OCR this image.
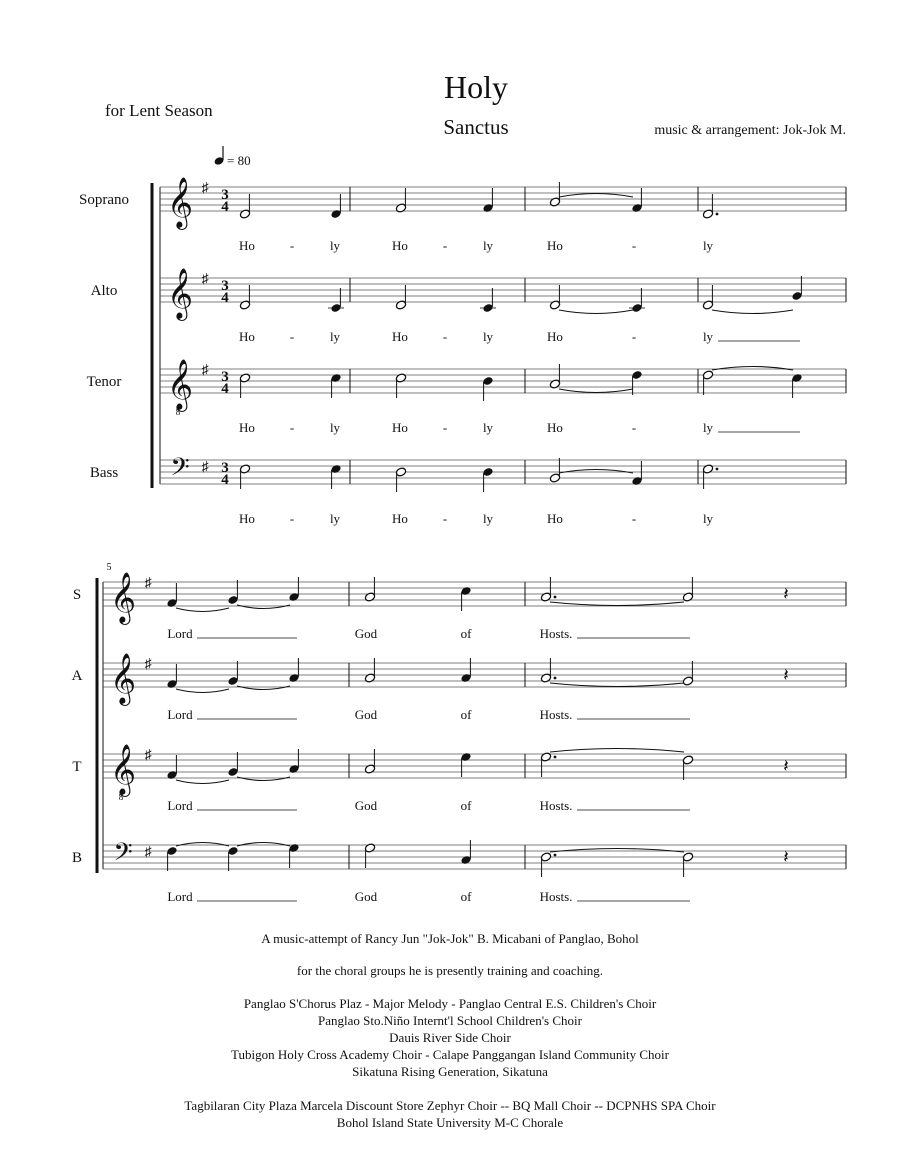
Holy
Sanctus
for Lent Season
music & arrangement: Jok-Jok M.
= 80
Soprano 𝄞 ♯ 3
4
Ho	-	ly	Ho	-	ly	Ho	-	ly
Alto 𝄞 ♯ 3
4
Ho	-	ly	Ho	-	ly	Ho	-	ly
Tenor 𝄞
8
♯ 3
4
Ho	-	ly	Ho	-	ly	Ho	-	ly
Bass 𝄢 ♯ 3
4
Ho	-	ly	Ho	-	ly	Ho	-	ly
5
S 𝄞 ♯
𝄽
Lord	God	of	Hosts.
A 𝄞 ♯
𝄽
Lord	God	of	Hosts.
T 𝄞
8
♯
𝄽
Lord	God	of	Hosts.
B 𝄢 ♯	𝄽
Lord	God	of	Hosts.
A music-attempt of Rancy Jun "Jok-Jok" B. Micabani of Panglao, Bohol
for the choral groups he is presently training and coaching.
Panglao S'Chorus Plaz - Major Melody - Panglao Central E.S. Children's Choir
Panglao Sto.Niño Internt'l School Children's Choir
Dauis River Side Choir
Tubigon Holy Cross Academy Choir - Calape Panggangan Island Community Choir
Sikatuna Rising Generation, Sikatuna
Tagbilaran City Plaza Marcela Discount Store Zephyr Choir -- BQ Mall Choir -- DCPNHS SPA Choir
Bohol Island State University M-C Chorale
